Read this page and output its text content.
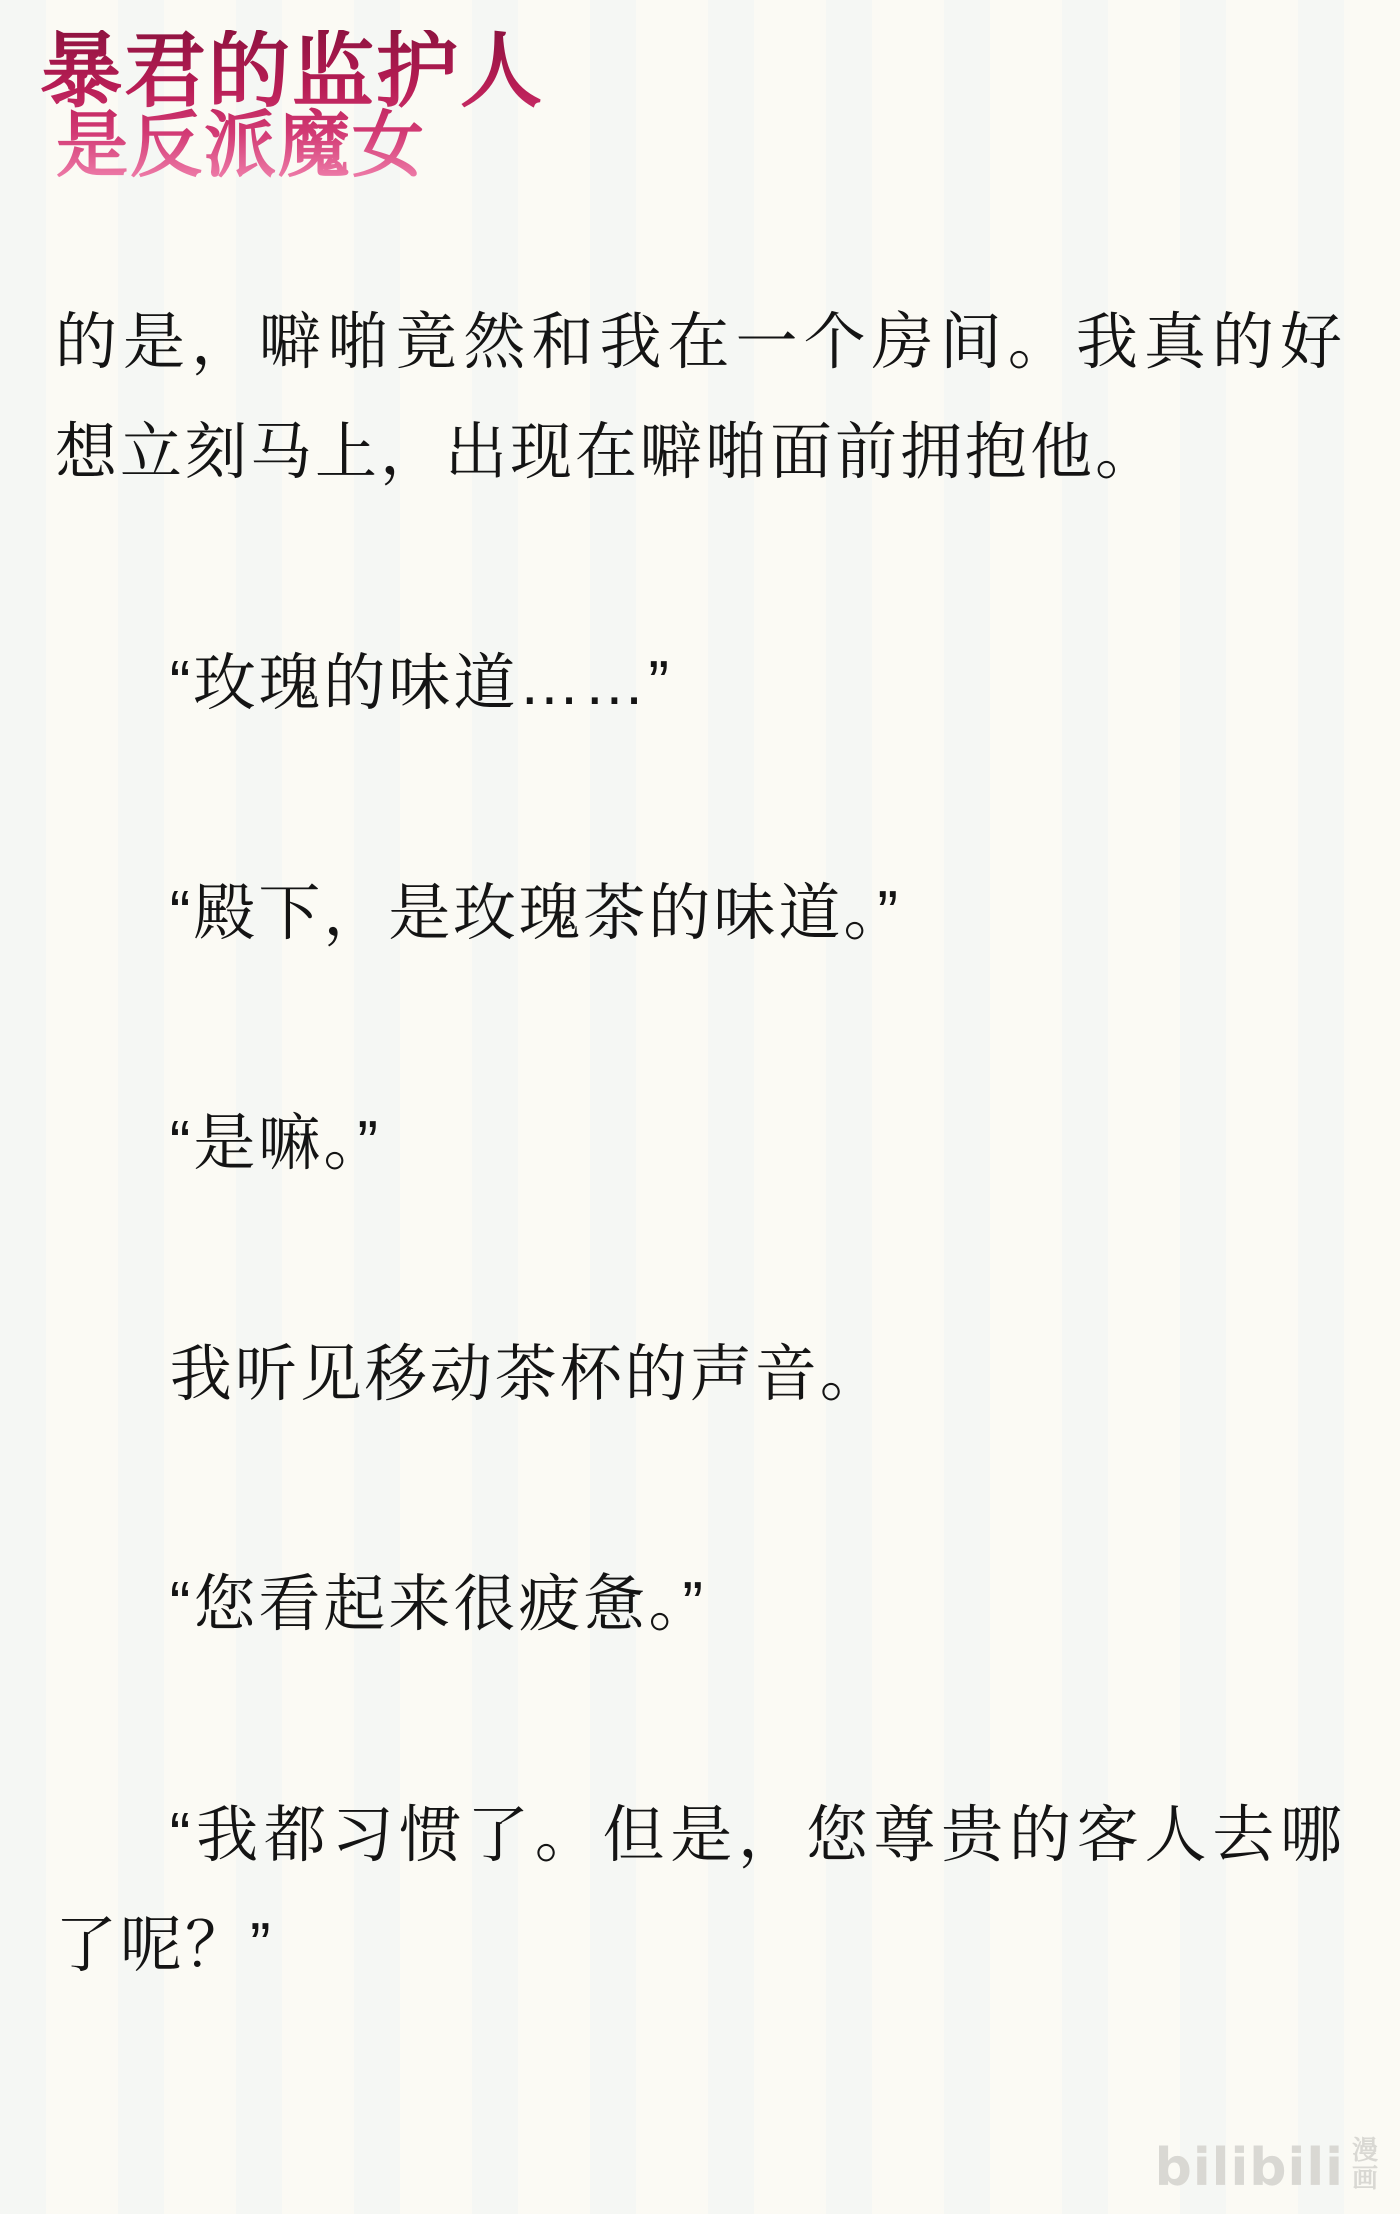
暴君的监护人
是反派魔女

的是，噼啪竟然和我在一个房间。我真的好想立刻马上，出现在噼啪面前拥抱他。

“玫瑰的味道……”

“殿下，是玫瑰茶的味道。”

“是嘛。”

我听见移动茶杯的声音。

“您看起来很疲惫。”

“我都习惯了。但是，您尊贵的客人去哪了呢？”

bilibili 漫
画
